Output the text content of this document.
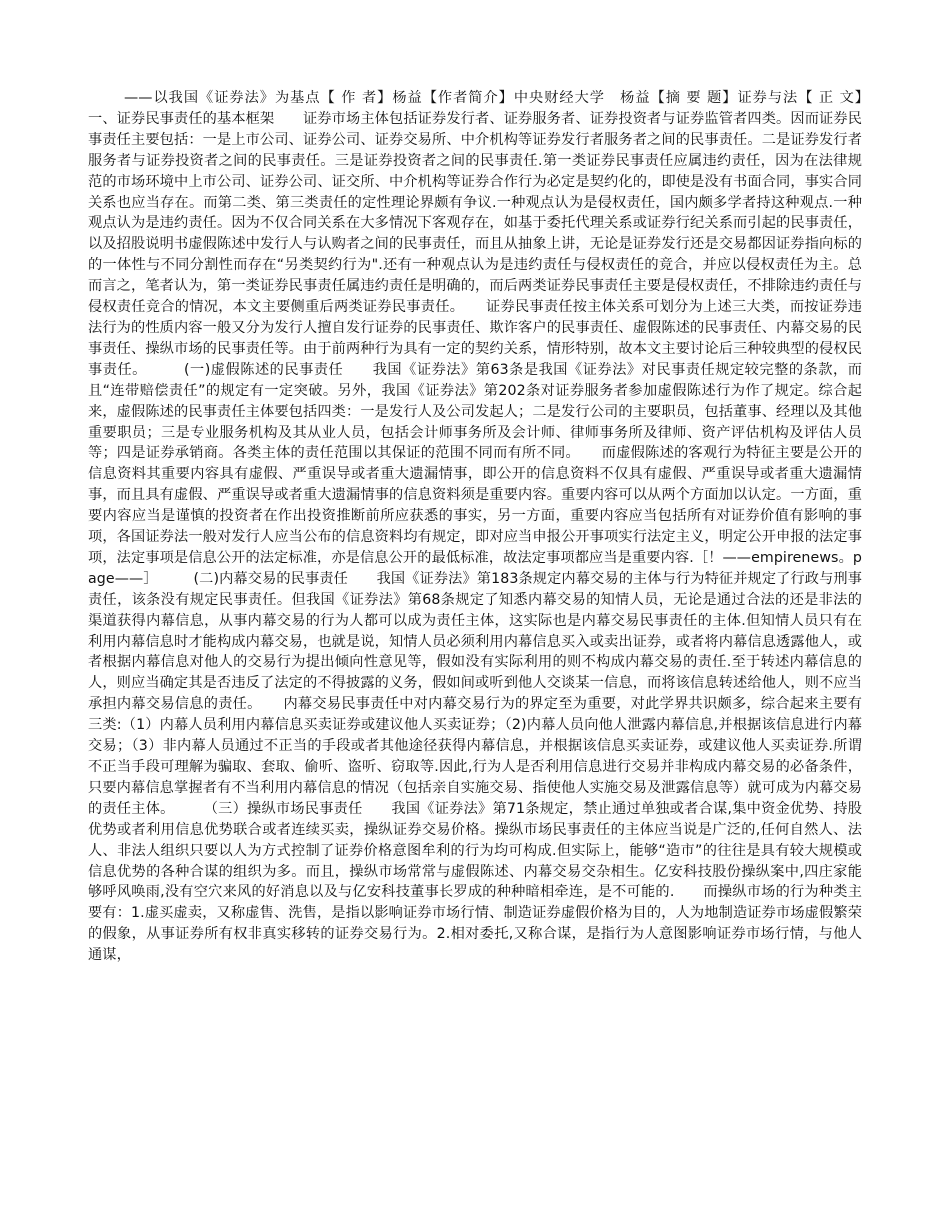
——以我国《证券法》为基点【 作 者】杨益【作者简介】中央财经大学　杨益【摘 要 题】证券与法【 正 文】　　　一、证券民事责任的基本框架　　证券市场主体包括证券发行者、证券服务者、证券投资者与证券监管者四类。因而证券民事责任主要包括：一是上市公司、证券公司、证券交易所、中介机构等证券发行者服务者之间的民事责任。二是证券发行者服务者与证券投资者之间的民事责任。三是证券投资者之间的民事责任.第一类证券民事责任应属违约责任，因为在法律规范的市场环境中上市公司、证券公司、证交所、中介机构等证券合作行为必定是契约化的，即使是没有书面合同，事实合同关系也应当存在。而第二类、第三类责任的定性理论界颇有争议.一种观点认为是侵权责任，国内颇多学者持这种观点.一种观点认为是违约责任。因为不仅合同关系在大多情况下客观存在，如基于委托代理关系或证券行纪关系而引起的民事责任，以及招股说明书虚假陈述中发行人与认购者之间的民事责任，而且从抽象上讲，无论是证券发行还是交易都因证券指向标的的一体性与不同分割性而存在“另类契约行为".还有一种观点认为是违约责任与侵权责任的竞合，并应以侵权责任为主。总而言之，笔者认为，第一类证券民事责任属违约责任是明确的，而后两类证券民事责任主要是侵权责任，不排除违约责任与侵权责任竞合的情况，本文主要侧重后两类证券民事责任。　　证券民事责任按主体关系可划分为上述三大类，而按证券违法行为的性质内容一般又分为发行人擅自发行证券的民事责任、欺诈客户的民事责任、虚假陈述的民事责任、内幕交易的民事责任、操纵市场的民事责任等。由于前两种行为具有一定的契约关系，情形特别，故本文主要讨论后三种较典型的侵权民事责任。　　　(一)虚假陈述的民事责任　　我国《证券法》第63条是我国《证券法》对民事责任规定较完整的条款，而且“连带赔偿责任”的规定有一定突破。另外，我国《证券法》第202条对证券服务者参加虚假陈述行为作了规定。综合起来，虚假陈述的民事责任主体要包括四类：一是发行人及公司发起人；二是发行公司的主要职员，包括董事、经理以及其他重要职员；三是专业服务机构及其从业人员，包括会计师事务所及会计师、律师事务所及律师、资产评估机构及评估人员等；四是证券承销商。各类主体的责任范围以其保证的范围不同而有所不同。　　而虚假陈述的客观行为特征主要是公开的信息资料其重要内容具有虚假、严重误导或者重大遗漏情事，即公开的信息资料不仅具有虚假、严重误导或者重大遗漏情事，而且具有虚假、严重误导或者重大遗漏情事的信息资料须是重要内容。重要内容可以从两个方面加以认定。一方面，重要内容应当是谨慎的投资者在作出投资推断前所应获悉的事实，另一方面，重要内容应当包括所有对证券价值有影响的事项，各国证券法一般对发行人应当公布的信息资料均有规定，即对应当申报公开事项实行法定主义，明定公开申报的法定事项，法定事项是信息公开的法定标准，亦是信息公开的最低标准，故法定事项都应当是重要内容.［！——empirenews。page——］　　　(二)内幕交易的民事责任　　我国《证券法》第183条规定内幕交易的主体与行为特征并规定了行政与刑事责任，该条没有规定民事责任。但我国《证券法》第68条规定了知悉内幕交易的知情人员，无论是通过合法的还是非法的渠道获得内幕信息，从事内幕交易的行为人都可以成为责任主体，这实际也是内幕交易民事责任的主体.但知情人员只有在利用内幕信息时才能构成内幕交易，也就是说，知情人员必须利用内幕信息买入或卖出证券，或者将内幕信息透露他人，或者根据内幕信息对他人的交易行为提出倾向性意见等，假如没有实际利用的则不构成内幕交易的责任.至于转述内幕信息的人，则应当确定其是否违反了法定的不得披露的义务，假如间或听到他人交谈某一信息，而将该信息转述给他人，则不应当承担内幕交易信息的责任。　　内幕交易民事责任中对内幕交易行为的界定至为重要，对此学界共识颇多，综合起来主要有三类:（1）内幕人员利用内幕信息买卖证券或建议他人买卖证券；（2)内幕人员向他人泄露内幕信息,并根据该信息进行内幕交易；（3）非内幕人员通过不正当的手段或者其他途径获得内幕信息，并根据该信息买卖证券，或建议他人买卖证券.所谓不正当手段可理解为骗取、套取、偷听、盗听、窃取等.因此,行为人是否利用信息进行交易并非构成内幕交易的必备条件，只要内幕信息掌握者有不当利用内幕信息的情况（包括亲自实施交易、指使他人实施交易及泄露信息等）就可成为内幕交易的责任主体。　　　（三）操纵市场民事责任　　我国《证券法》第71条规定，禁止通过单独或者合谋,集中资金优势、持股优势或者利用信息优势联合或者连续买卖，操纵证券交易价格。操纵市场民事责任的主体应当说是广泛的,任何自然人、法人、非法人组织只要以人为方式控制了证券价格意图牟利的行为均可构成.但实际上，能够“造市”的往往是具有较大规模或信息优势的各种合谋的组织为多。而且，操纵市场常常与虚假陈述、内幕交易交杂相生。亿安科技股份操纵案中,四庄家能够呼风唤雨,没有空穴来风的好消息以及与亿安科技董事长罗成的种种暗相牵连，是不可能的.　　而操纵市场的行为种类主要有：1.虚买虚卖，又称虚售、洗售，是指以影响证券市场行情、制造证券虚假价格为目的，人为地制造证券市场虚假繁荣的假象，从事证券所有权非真实移转的证券交易行为。2.相对委托,又称合谋，是指行为人意图影响证券市场行情，与他人通谋，
